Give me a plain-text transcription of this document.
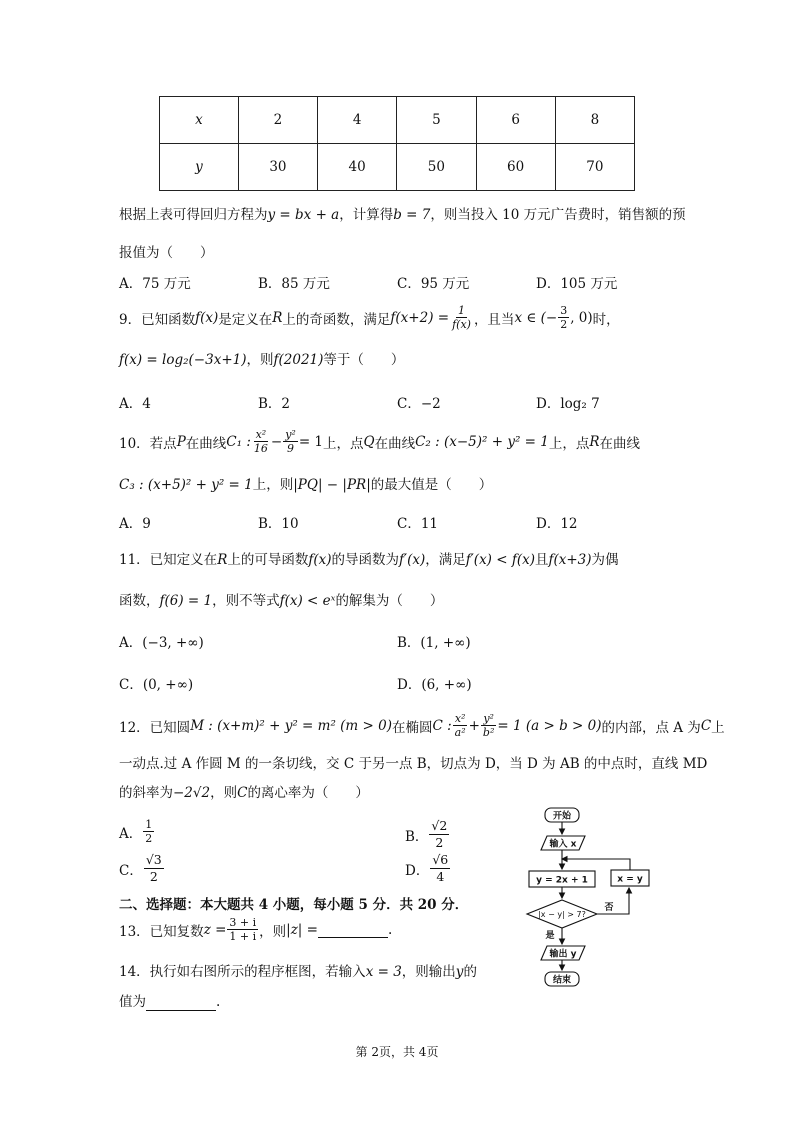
x	2	4	5	6	8
y	30	40	50	60	70
根据上表可得回归方程为y = bx + a，计算得b = 7，则当投入 10 万元广告费时，销售额的预
报值为（　　）
A．75 万元	B．85 万元	C．95 万元	D．105 万元
9．已知函数 f(x) 是定义在 R 上的奇函数，满足 $f(x+2) = \frac{1}{f(x)}$ ，且当 x ∈ (− $\frac{3}{2}$ , 0) 时，
f(x) = log₂(−3x+1)，则f(2021)等于（　　）
A．4	B．2	C．−2	D．log₂ 7
10．若点 P 在曲线 C₁ : $\frac{\text{x²}}{16} - \frac{\text{y²}}{9} = 1$ 上，点 Q 在曲线 C₂ : (x−5)² + y² = 1 上，点 R 在曲线
C₃ : (x+5)² + y² = 1上，则|PQ| − |PR|的最大值是（　　）
A．9	B．10	C．11	D．12
11．已知定义在R上的可导函数f(x)的导函数为f′(x)，满足f′(x) < f(x)且f(x+3)为偶
函数，f(6) = 1，则不等式f(x) < eˣ的解集为（　　）
A．(−3, +∞)	B．(1, +∞)
C．(0, +∞)	D．(6, +∞)
12．已知圆 M : (x+m)² + y² = m² (m > 0) 在椭圆 C : $\frac{\text{x²}}{\text{a²}} + \frac{\text{y²}}{\text{b²}} = 1$ (a > b > 0) 的内部，点 A 为 C 上
一动点.过 A 作圆 M 的一条切线，交 C 于另一点 B，切点为 D，当 D 为 AB 的中点时，直线 MD
的斜率为−2√2，则C的离心率为（　　）
A． $\frac{1}{2}$	B． $\frac{√2}{2}$
C． $\frac{√3}{2}$	D． $\frac{√6}{4}$
二、选择题：本大题共 4 小题，每小题 5 分．共 20 分．
13．已知复数 $z = \frac{3 + i}{1 + i}$ ，则 |z| =
	.
14．执行如右图所示的程序框图，若输入x = 3，则输出y的
值为	.
开始
输入 x
y = 2x + 1	x = y
|x − y| > 7?
否
是
输出 y
结束
第 2页，共 4页
